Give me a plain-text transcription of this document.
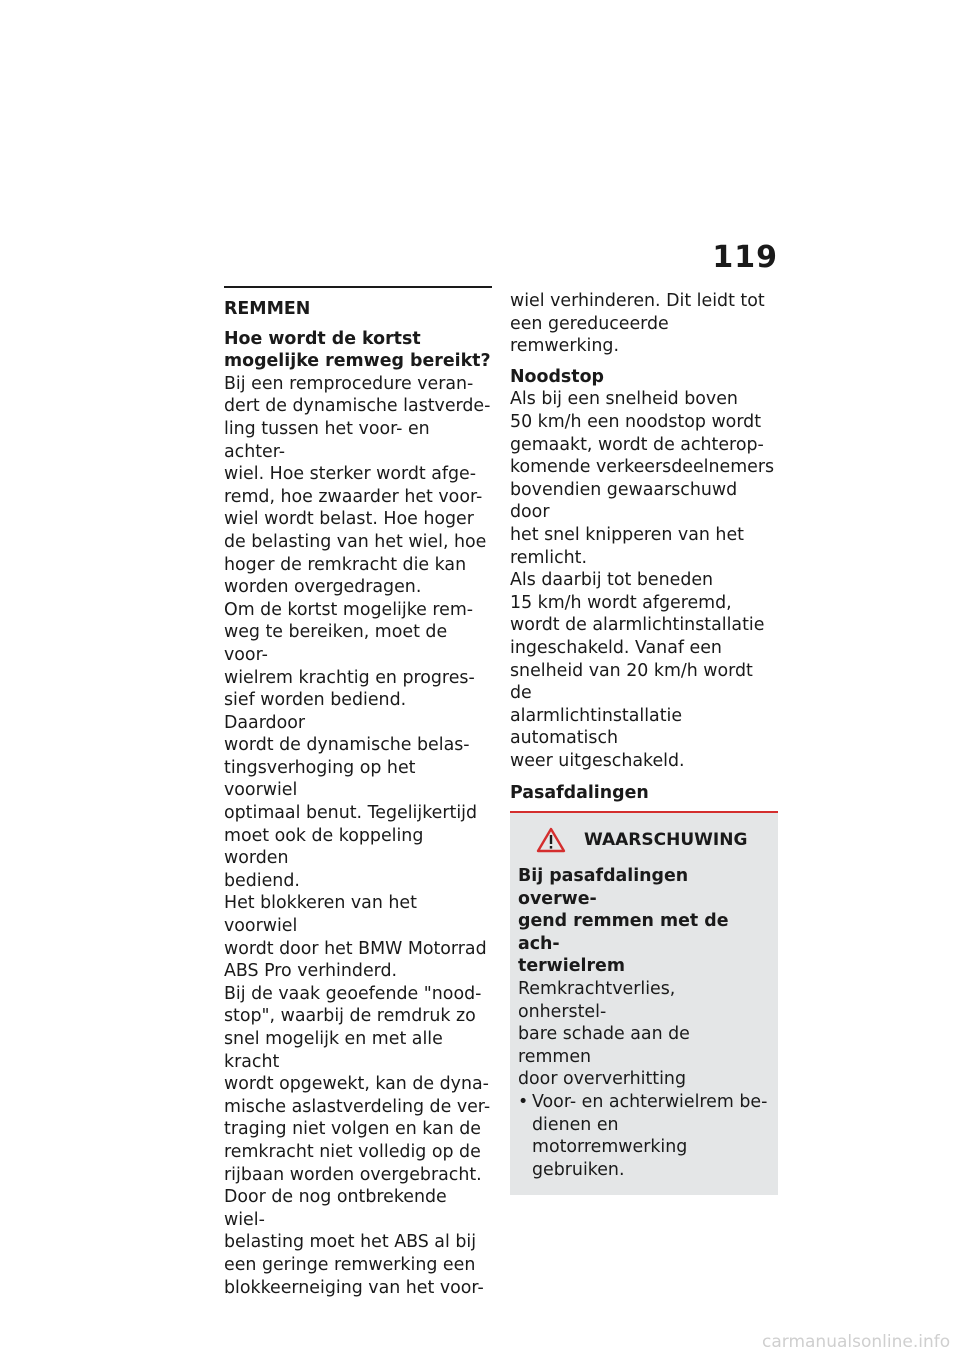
119
REMMEN

Hoe wordt de kortst
mogelijke remweg bereikt?

Bij een remprocedure veran-
dert de dynamische lastverde-
ling tussen het voor- en achter-
wiel. Hoe sterker wordt afge-
remd, hoe zwaarder het voor-
wiel wordt belast. Hoe hoger
de belasting van het wiel, hoe
hoger de remkracht die kan
worden overgedragen.

Om de kortst mogelijke rem-
weg te bereiken, moet de voor-
wielrem krachtig en progres-
sief worden bediend. Daardoor
wordt de dynamische belas-
tingsverhoging op het voorwiel
optimaal benut. Tegelijkertijd
moet ook de koppeling worden
bediend.

Het blokkeren van het voorwiel
wordt door het BMW Motorrad
ABS Pro verhinderd.

Bij de vaak geoefende "nood-
stop", waarbij de remdruk zo
snel mogelijk en met alle kracht
wordt opgewekt, kan de dyna-
mische aslastverdeling de ver-
traging niet volgen en kan de
remkracht niet volledig op de
rijbaan worden overgebracht.
Door de nog ontbrekende wiel-
belasting moet het ABS al bij
een geringe remwerking een
blokkeerneiging van het voor-

wiel verhinderen. Dit leidt tot
een gereduceerde remwerking.

Noodstop

Als bij een snelheid boven
50 km/h een noodstop wordt
gemaakt, wordt de achterop-
komende verkeersdeelnemers
bovendien gewaarschuwd door
het snel knipperen van het
remlicht.

Als daarbij tot beneden
15 km/h wordt afgeremd,
wordt de alarmlichtinstallatie
ingeschakeld. Vanaf een
snelheid van 20 km/h wordt de
alarmlichtinstallatie automatisch
weer uitgeschakeld.

Pasafdalingen

WAARSCHUWING

Bij pasafdalingen overwe-
gend remmen met de ach-
terwielrem

Remkrachtverlies, onherstel-
bare schade aan de remmen
door oververhitting

• Voor- en achterwielrem be-
dienen en motorremwerking
gebruiken.
carmanualsonline.info
